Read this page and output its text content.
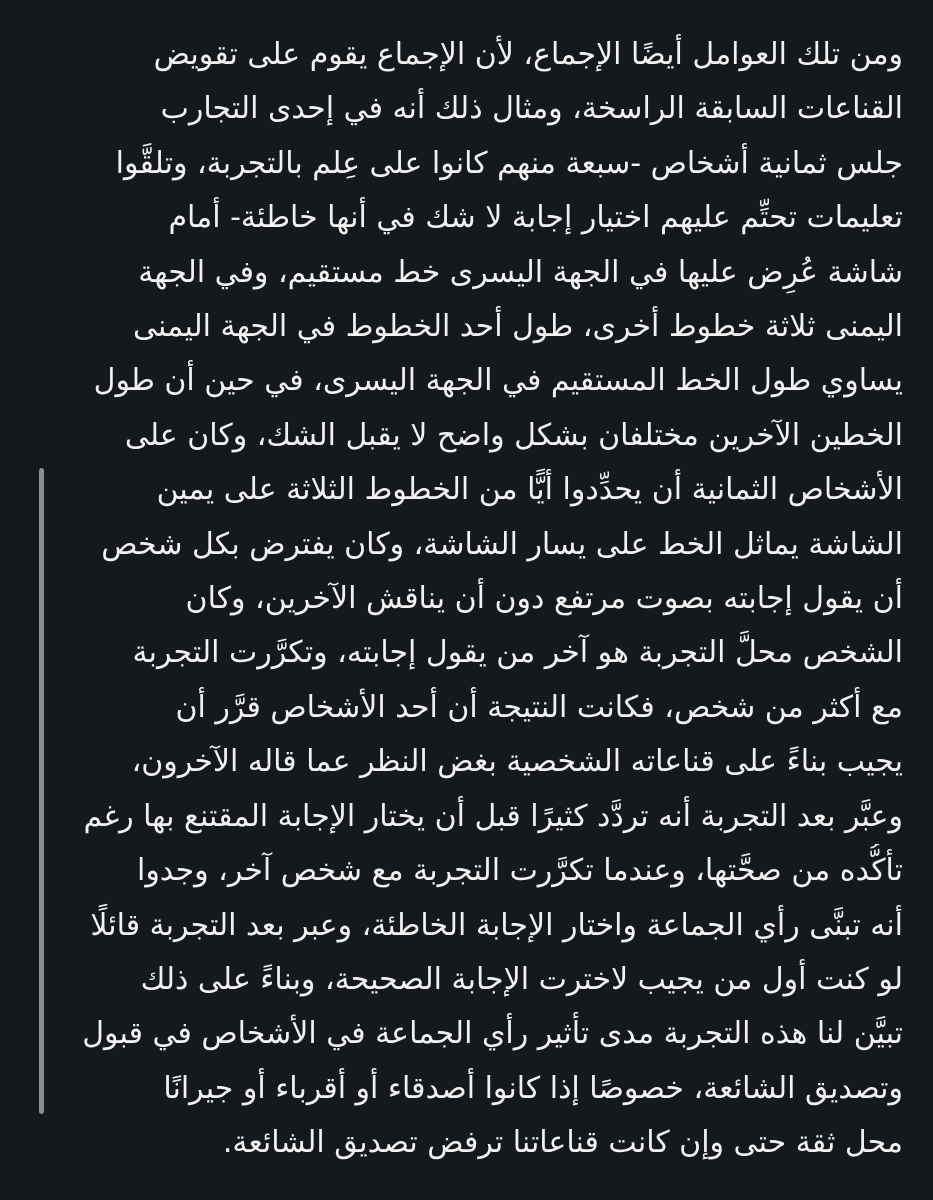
ومن تلك العوامل أيضًا الإجماع، لأن الإجماع يقوم على تقويض
القناعات السابقة الراسخة، ومثال ذلك أنه في إحدى التجارب
جلس ثمانية أشخاص -سبعة منهم كانوا على عِلم بالتجربة، وتلقَّوا
تعليمات تحتِّم عليهم اختيار إجابة لا شك في أنها خاطئة- أمام
شاشة عُرِض عليها في الجهة اليسرى خط مستقيم، وفي الجهة
اليمنى ثلاثة خطوط أخرى، طول أحد الخطوط في الجهة اليمنى
يساوي طول الخط المستقيم في الجهة اليسرى، في حين أن طول
الخطين الآخرين مختلفان بشكل واضح لا يقبل الشك، وكان على
الأشخاص الثمانية أن يحدِّدوا أيًّا من الخطوط الثلاثة على يمين
الشاشة يماثل الخط على يسار الشاشة، وكان يفترض بكل شخص
أن يقول إجابته بصوت مرتفع دون أن يناقش الآخرين، وكان
الشخص محلَّ التجربة هو آخر من يقول إجابته، وتكرَّرت التجربة
مع أكثر من شخص، فكانت النتيجة أن أحد الأشخاص قرَّر أن
يجيب بناءً على قناعاته الشخصية بغض النظر عما قاله الآخرون،
وعبَّر بعد التجربة أنه تردَّد كثيرًا قبل أن يختار الإجابة المقتنع بها رغم
تأكُّده من صحَّتها، وعندما تكرَّرت التجربة مع شخص آخر، وجدوا
أنه تبنَّى رأي الجماعة واختار الإجابة الخاطئة، وعبر بعد التجربة قائلًا
لو كنت أول من يجيب لاخترت الإجابة الصحيحة، وبناءً على ذلك
تبيَّن لنا هذه التجربة مدى تأثير رأي الجماعة في الأشخاص في قبول
وتصديق الشائعة، خصوصًا إذا كانوا أصدقاء أو أقرباء أو جيرانًا
محل ثقة حتى وإن كانت قناعاتنا ترفض تصديق الشائعة.
